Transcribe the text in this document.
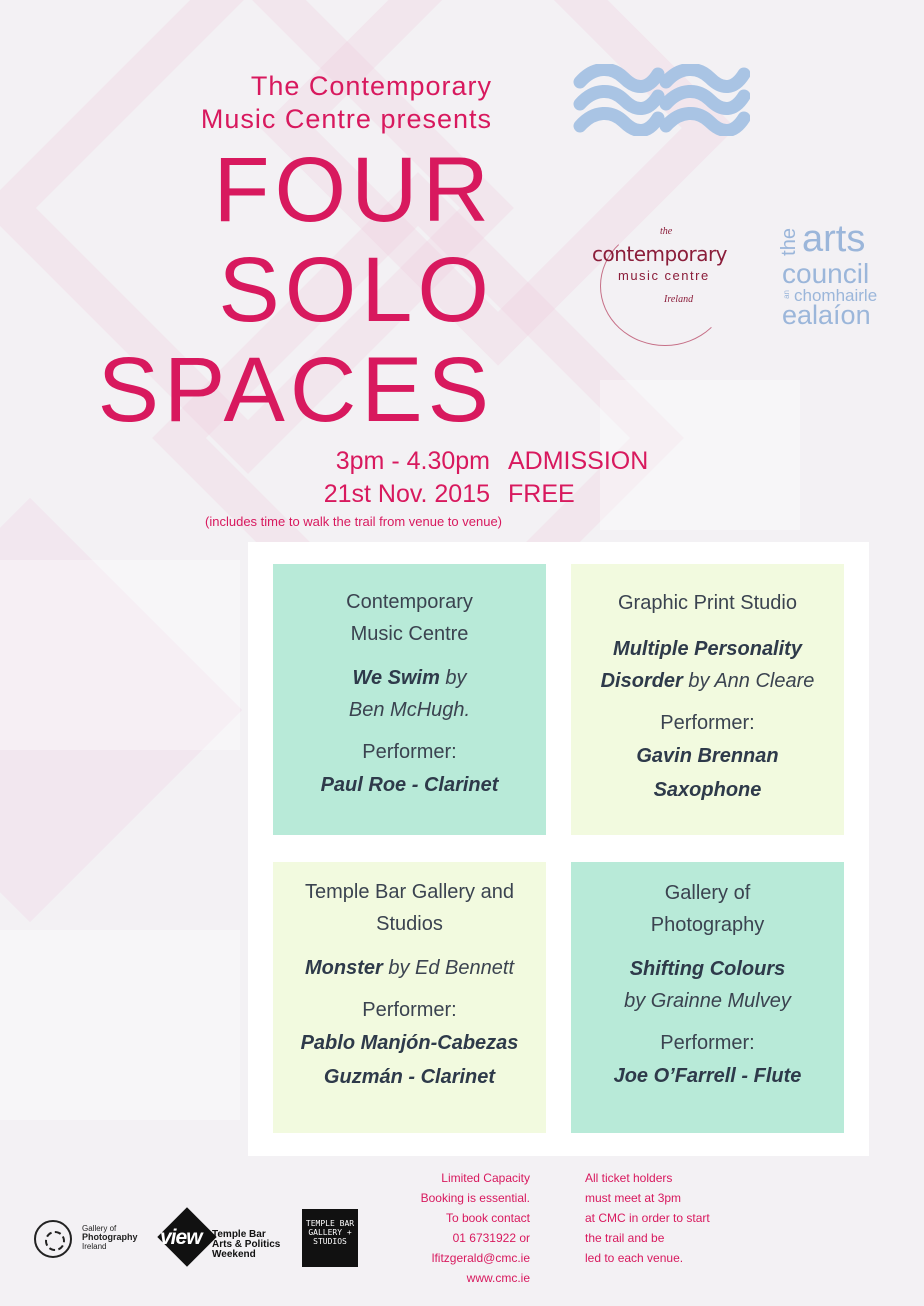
The Contemporary
Music Centre presents
FOUR
SOLO
SPACES
3pm - 4.30pm
21st Nov. 2015
ADMISSION
FREE
(includes time to walk the trail from venue to venue)
the
contemporary
music centre
Ireland
the arts
council
an chomhairle
ealaíon
Contemporary
Music Centre
We Swim by
Ben McHugh.
Performer:
Paul Roe - Clarinet
Graphic Print Studio
Multiple Personality
Disorder by Ann Cleare
Performer:
Gavin Brennan
Saxophone
Temple Bar Gallery and
Studios
Monster by Ed Bennett
Performer:
Pablo Manjón-Cabezas
Guzmán - Clarinet
Gallery of
Photography
Shifting Colours
by Grainne Mulvey
Performer:
Joe O’Farrell - Flute
Limited Capacity
Booking is essential.
To book contact
01 6731922 or
lfitzgerald@cmc.ie
www.cmc.ie
All ticket holders
must meet at 3pm
at CMC in order to start
the trail and be
led to each venue.
Gallery of
Photography
Ireland	view Temple Bar
Arts & Politics
Weekend
TEMPLE BAR
GALLERY +
STUDIOS
